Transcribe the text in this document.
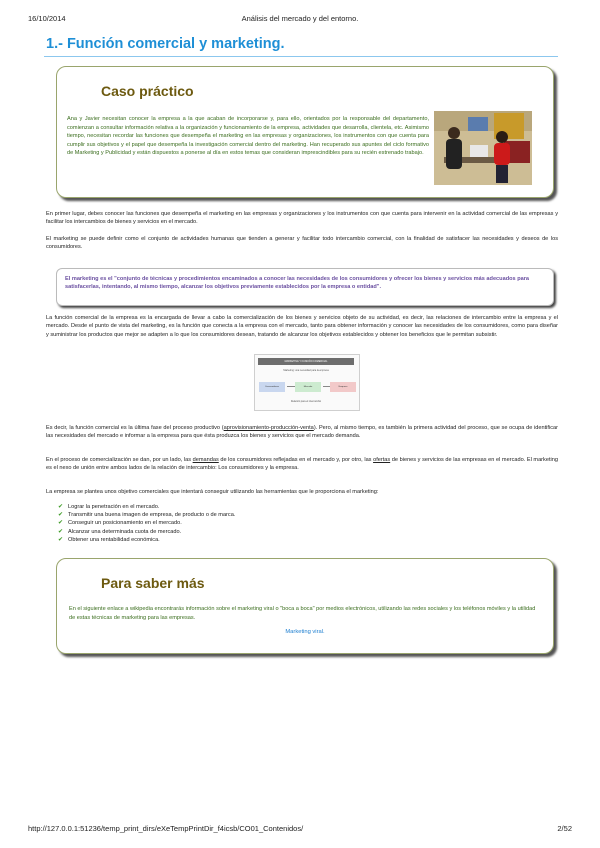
16/10/2014	Análisis del mercado y del entorno.
1.- Función comercial y marketing.
Caso práctico
Ana y Javier necesitan conocer la empresa a la que acaban de incorporarse y, para ello, orientados por la responsable del departamento, comienzan a consultar información relativa a la organización y funcionamiento de la empresa, actividades que desarrolla, clientela, etc. Asimismo tiempo, necesitan recordar las funciones que desempeña el marketing en las empresas y organizaciones, los instrumentos con que cuenta para cumplir sus objetivos y el papel que desempeña la investigación comercial dentro del marketing. Han recuperado sus apuntes del ciclo formativo de Marketing y Publicidad y están dispuestos a ponerse al día en estos temas que consideran imprescindibles para su recién estrenado trabajo.

En primer lugar, debes conocer las funciones que desempeña el marketing en las empresas y organizaciones y los instrumentos con que cuenta para intervenir en la actividad comercial de las empresas y facilitar los intercambios de bienes y servicios en el mercado.

El marketing se puede definir como el conjunto de actividades humanas que tienden a generar y facilitar todo intercambio comercial, con la finalidad de satisfacer las necesidades y deseos de los consumidores.

El marketing es el "conjunto de técnicas y procedimientos encaminados a conocer las necesidades de los consumidores y ofrecer los bienes y servicios más adecuados para satisfacerlas, intentando, al mismo tiempo, alcanzar los objetivos previamente establecidos por la empresa o entidad".

La función comercial de la empresa es la encargada de llevar a cabo la comercialización de los bienes y servicios objeto de su actividad, es decir, las relaciones de intercambio entre la empresa y el mercado. Desde el punto de vista del marketing, es la función que conecta a la empresa con el mercado, tanto para obtener información y conocer las necesidades de los consumidores, como para diseñar y suministrar los productos que mejor se adapten a lo que los consumidores desean, tratando de alcanzar los objetivos establecidos y obtener los beneficios que le permitan subsistir.

MARKETING Y FUNCIÓN COMERCIAL
Marketing: una necesidad para la empresa
Consumidores	Mercado	Empresa
Relación para el intercambio

Es decir, la función comercial es la última fase del proceso productivo (aprovisionamiento-producción-venta). Pero, al mismo tiempo, es también la primera actividad del proceso, que se ocupa de identificar las necesidades del mercado e informar a la empresa para que ésta produzca los bienes y servicios que el mercado demanda.

En el proceso de comercialización se dan, por un lado, las demandas de los consumidores reflejadas en el mercado y, por otro, las ofertas de bienes y servicios de las empresas en el mercado. El marketing es el nexo de unión entre ambos lados de la relación de intercambio: Los consumidores y la empresa.

La empresa se plantea unos objetivo comerciales que intentará conseguir utilizando las herramientas que le proporciona el marketing:

✔ Lograr la penetración en el mercado.
✔ Transmitir una buena imagen de empresa, de producto o de marca.
✔ Conseguir un posicionamiento en el mercado.
✔ Alcanzar una determinada cuota de mercado.
✔ Obtener una rentabilidad económica.
Para saber más
En el siguiente enlace a wikipedia encontrarás información sobre el marketing viral o "boca a boca" por medios electrónicos, utilizando las redes sociales y los teléfonos móviles y la utilidad de estas técnicas de marketing para las empresas.
Marketing viral.
http://127.0.0.1:51236/temp_print_dirs/eXeTempPrintDir_f4icsb/CO01_Contenidos/	2/52
